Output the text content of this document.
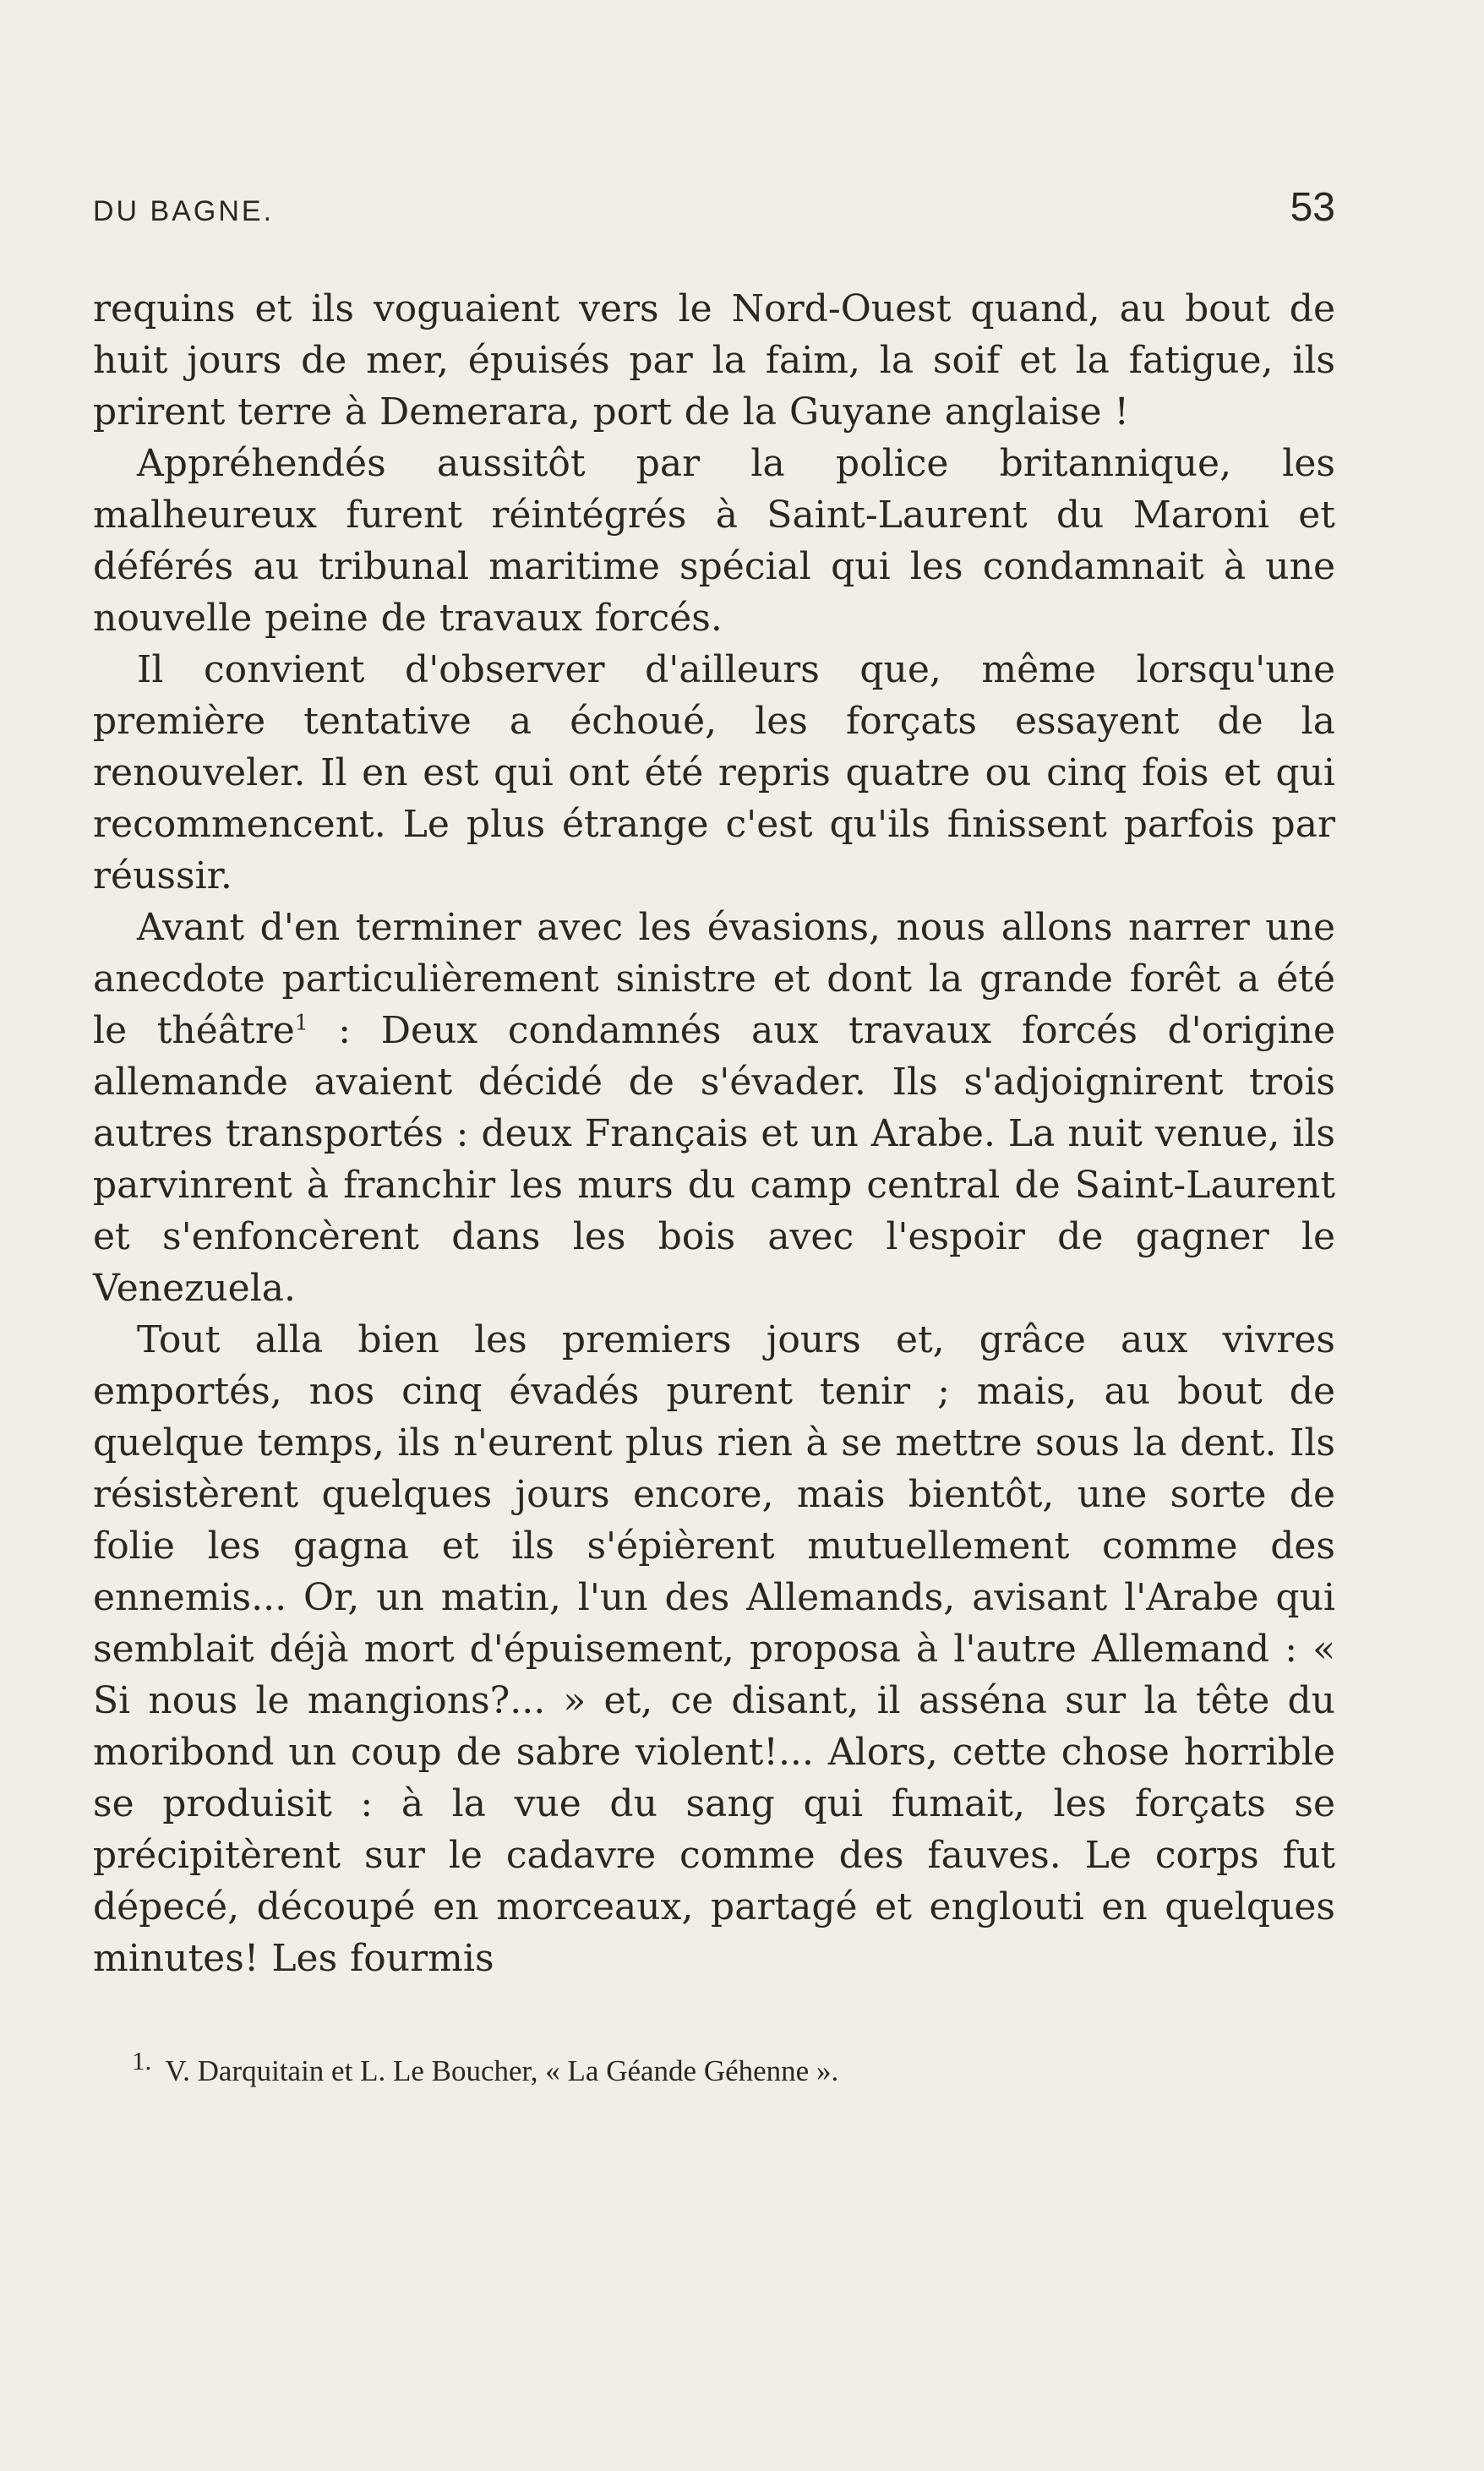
DU BAGNE.	53

requins et ils voguaient vers le Nord-Ouest quand, au bout de huit jours de mer, épuisés par la faim, la soif et la fatigue, ils prirent terre à Demerara, port de la Guyane anglaise !

Appréhendés aussitôt par la police britannique, les malheureux furent réintégrés à Saint-Laurent du Maroni et déférés au tribunal maritime spécial qui les condamnait à une nouvelle peine de travaux forcés.

Il convient d'observer d'ailleurs que, même lorsqu'une première tentative a échoué, les forçats essayent de la renouveler. Il en est qui ont été repris quatre ou cinq fois et qui recommencent. Le plus étrange c'est qu'ils finissent parfois par réussir.

Avant d'en terminer avec les évasions, nous allons narrer une anecdote particulièrement sinistre et dont la grande forêt a été le théâtre$^1$ : Deux condamnés aux travaux forcés d'origine allemande avaient décidé de s'évader. Ils s'adjoignirent trois autres transportés : deux Français et un Arabe. La nuit venue, ils parvinrent à franchir les murs du camp central de Saint-Laurent et s'enfoncèrent dans les bois avec l'espoir de gagner le Venezuela.

Tout alla bien les premiers jours et, grâce aux vivres emportés, nos cinq évadés purent tenir ; mais, au bout de quelque temps, ils n'eurent plus rien à se mettre sous la dent. Ils résistèrent quelques jours encore, mais bientôt, une sorte de folie les gagna et ils s'épièrent mutuellement comme des ennemis... Or, un matin, l'un des Allemands, avisant l'Arabe qui semblait déjà mort d'épuisement, proposa à l'autre Allemand : « Si nous le mangions?... » et, ce disant, il asséna sur la tête du moribond un coup de sabre violent!... Alors, cette chose horrible se produisit : à la vue du sang qui fumait, les forçats se précipitèrent sur le cadavre comme des fauves. Le corps fut dépecé, découpé en morceaux, partagé et englouti en quelques minutes! Les fourmis

1. V. Darquitain et L. Le Boucher, « La Géande Géhenne ».
